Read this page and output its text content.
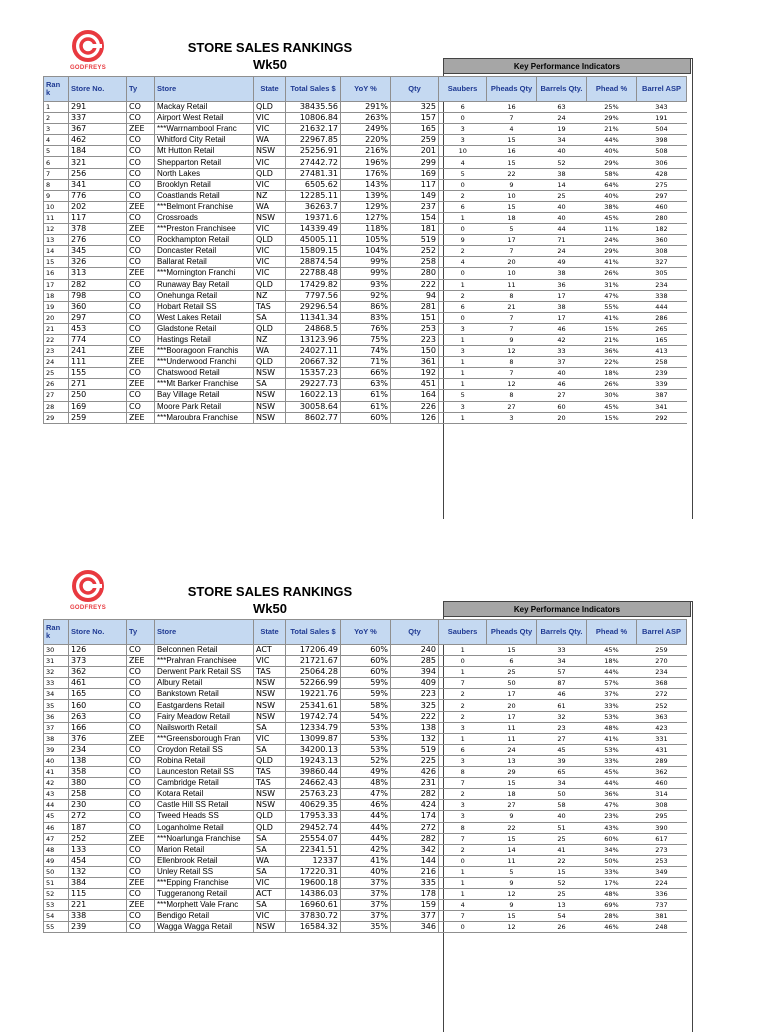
GODFREYS
STORE SALES RANKINGS
Wk50	Key Performance Indicators
Ran k	Store No.	Ty	Store	State	Total Sales $	YoY %	Qty	Saubers	Pheads Qty	Barrels Qty.	Phead %	Barrel ASP
1	291	CO	Mackay Retail	QLD	38435.56	291%	325	6	16	63	25%	343
2	337	CO	Airport West Retail	VIC	10806.84	263%	157	0	7	24	29%	191
3	367	ZEE	***Warrnambool Franc	VIC	21632.17	249%	165	3	4	19	21%	504
4	462	CO	Whitford City Retail	WA	22967.85	220%	259	3	15	34	44%	398
5	184	CO	Mt Hutton Retail	NSW	25256.91	216%	201	10	16	40	40%	508
6	321	CO	Shepparton Retail	VIC	27442.72	196%	299	4	15	52	29%	306
7	256	CO	North Lakes	QLD	27481.31	176%	169	5	22	38	58%	428
8	341	CO	Brooklyn Retail	VIC	6505.62	143%	117	0	9	14	64%	275
9	776	CO	Coastlands Retail	NZ	12285.11	139%	149	2	10	25	40%	297
10	202	ZEE	***Belmont Franchise	WA	36263.7	129%	237	6	15	40	38%	460
11	117	CO	Crossroads	NSW	19371.6	127%	154	1	18	40	45%	280
12	378	ZEE	***Preston Franchisee	VIC	14339.49	118%	181	0	5	44	11%	182
13	276	CO	Rockhampton Retail	QLD	45005.11	105%	519	9	17	71	24%	360
14	345	CO	Doncaster Retail	VIC	15809.15	104%	252	2	7	24	29%	308
15	326	CO	Ballarat Retail	VIC	28874.54	99%	258	4	20	49	41%	327
16	313	ZEE	***Mornington Franchi	VIC	22788.48	99%	280	0	10	38	26%	305
17	282	CO	Runaway Bay Retail	QLD	17429.82	93%	222	1	11	36	31%	234
18	798	CO	Onehunga Retail	NZ	7797.56	92%	94	2	8	17	47%	338
19	360	CO	Hobart Retail SS	TAS	29296.54	86%	281	6	21	38	55%	444
20	297	CO	West Lakes Retail	SA	11341.34	83%	151	0	7	17	41%	286
21	453	CO	Gladstone Retail	QLD	24868.5	76%	253	3	7	46	15%	265
22	774	CO	Hastings Retail	NZ	13123.96	75%	223	1	9	42	21%	165
23	241	ZEE	***Booragoon Franchis	WA	24027.11	74%	150	3	12	33	36%	413
24	111	ZEE	***Underwood Franchi	QLD	20667.32	71%	361	1	8	37	22%	258
25	155	CO	Chatswood Retail	NSW	15357.23	66%	192	1	7	40	18%	239
26	271	ZEE	***Mt Barker Franchise	SA	29227.73	63%	451	1	12	46	26%	339
27	250	CO	Bay Village Retail	NSW	16022.13	61%	164	5	8	27	30%	387
28	169	CO	Moore Park Retail	NSW	30058.64	61%	226	3	27	60	45%	341
29	259	ZEE	***Maroubra Franchise	NSW	8602.77	60%	126	1	3	20	15%	292
GODFREYS
STORE SALES RANKINGS
Wk50	Key Performance Indicators
Ran k	Store No.	Ty	Store	State	Total Sales $	YoY %	Qty	Saubers	Pheads Qty	Barrels Qty.	Phead %	Barrel ASP
30	126	CO	Belconnen Retail	ACT	17206.49	60%	240	1	15	33	45%	259
31	373	ZEE	***Prahran Franchisee	VIC	21721.67	60%	285	0	6	34	18%	270
32	362	CO	Derwent Park Retail SS	TAS	25064.28	60%	394	1	25	57	44%	234
33	461	CO	Albury Retail	NSW	52266.99	59%	409	7	50	87	57%	368
34	165	CO	Bankstown Retail	NSW	19221.76	59%	223	2	17	46	37%	272
35	160	CO	Eastgardens Retail	NSW	25341.61	58%	325	2	20	61	33%	252
36	263	CO	Fairy Meadow Retail	NSW	19742.74	54%	222	2	17	32	53%	363
37	166	CO	Nailsworth Retail	SA	12334.79	53%	138	3	11	23	48%	423
38	376	ZEE	***Greensborough Fran	VIC	13099.87	53%	132	1	11	27	41%	331
39	234	CO	Croydon Retail SS	SA	34200.13	53%	519	6	24	45	53%	431
40	138	CO	Robina Retail	QLD	19243.13	52%	225	3	13	39	33%	289
41	358	CO	Launceston Retail SS	TAS	39860.44	49%	426	8	29	65	45%	362
42	380	CO	Cambridge Retail	TAS	24662.43	48%	231	7	15	34	44%	460
43	258	CO	Kotara Retail	NSW	25763.23	47%	282	2	18	50	36%	314
44	230	CO	Castle Hill SS Retail	NSW	40629.35	46%	424	3	27	58	47%	308
45	272	CO	Tweed Heads SS	QLD	17953.33	44%	174	3	9	40	23%	295
46	187	CO	Loganholme Retail	QLD	29452.74	44%	272	8	22	51	43%	390
47	252	ZEE	***Noarlunga Franchise	SA	25554.07	44%	282	7	15	25	60%	617
48	133	CO	Marion Retail	SA	22341.51	42%	342	2	14	41	34%	273
49	454	CO	Ellenbrook Retail	WA	12337	41%	144	0	11	22	50%	253
50	132	CO	Unley Retail SS	SA	17220.31	40%	216	1	5	15	33%	349
51	384	ZEE	***Epping Franchise	VIC	19600.18	37%	335	1	9	52	17%	224
52	115	CO	Tuggeranong Retail	ACT	14386.03	37%	178	1	12	25	48%	336
53	221	ZEE	***Morphett Vale Franc	SA	16960.61	37%	159	4	9	13	69%	737
54	338	CO	Bendigo Retail	VIC	37830.72	37%	377	7	15	54	28%	381
55	239	CO	Wagga Wagga Retail	NSW	16584.32	35%	346	0	12	26	46%	248
